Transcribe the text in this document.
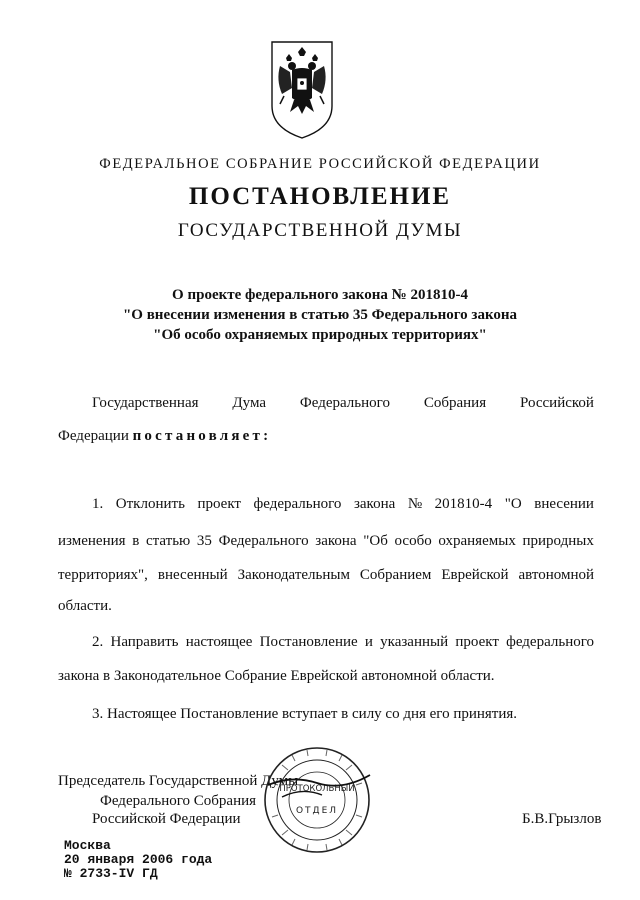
ФЕДЕРАЛЬНОЕ СОБРАНИЕ РОССИЙСКОЙ ФЕДЕРАЦИИ
ПОСТАНОВЛЕНИЕ
ГОСУДАРСТВЕННОЙ ДУМЫ
О проекте федерального закона № 201810-4
"О внесении изменения в статью 35 Федерального закона
"Об особо охраняемых природных территориях"
Государственная Дума Федерального Собрания Российской
Федерации постановляет:
1. Отклонить проект федерального закона № 201810-4 "О внесении
изменения в статью 35 Федерального закона "Об особо охраняемых природных
территориях", внесенный Законодательным Собранием Еврейской автономной
области.
2. Направить настоящее Постановление и указанный проект федерального
закона в Законодательное Собрание Еврейской автономной области.
3. Настоящее Постановление вступает в силу со дня его принятия.
Председатель Государственной Думы
Федерального Собрания
Российской Федерации	Б.В.Грызлов
ПРОТОКОЛЬНЫЙ
ОТДЕЛ
Москва
20 января 2006 года
№ 2733-IV ГД
